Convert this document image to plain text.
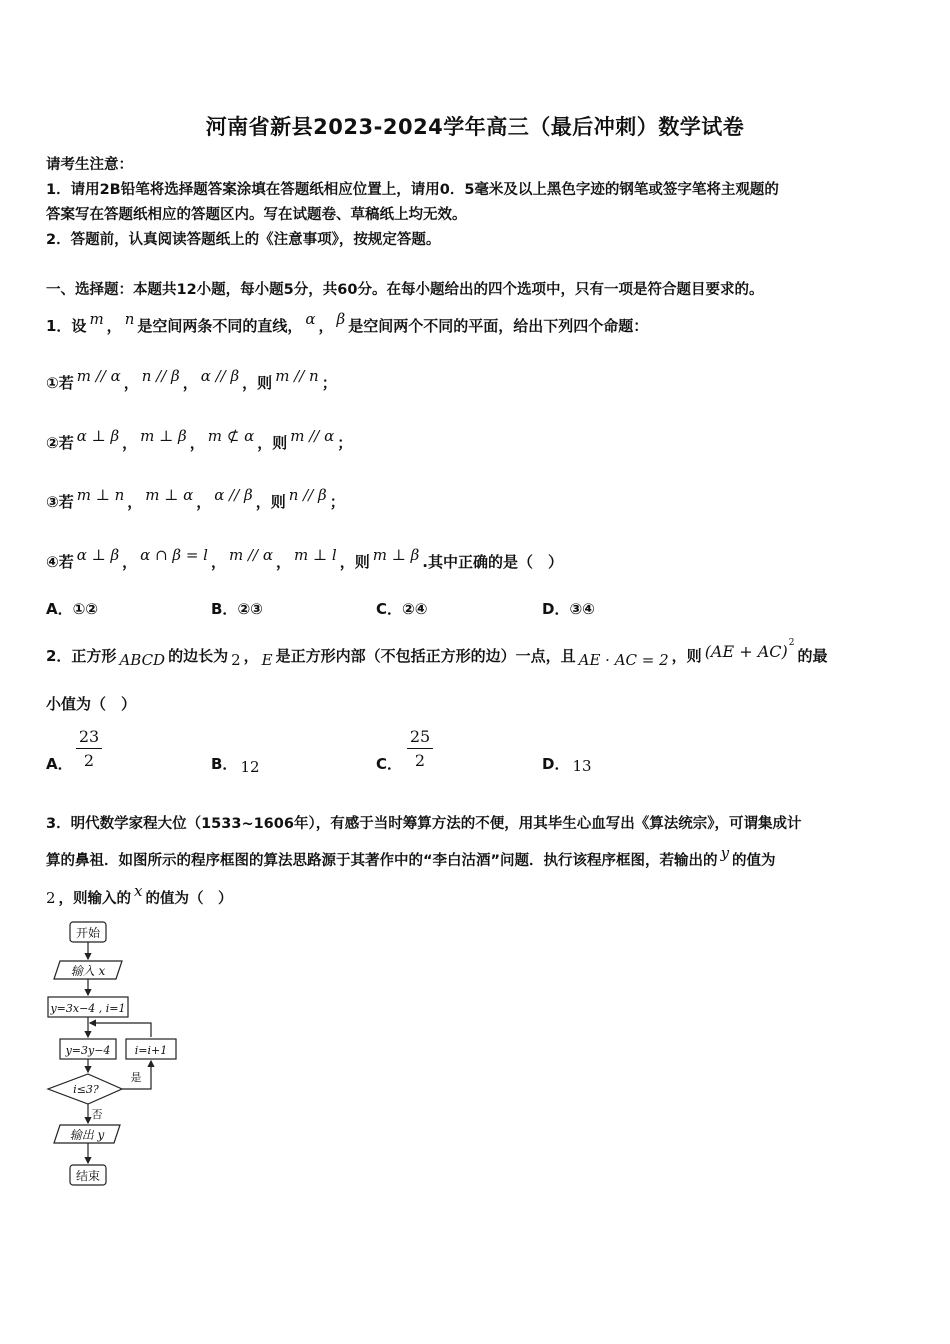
河南省新县2023-2024学年高三（最后冲刺）数学试卷
请考生注意：
1．请用2B铅笔将选择题答案涂填在答题纸相应位置上，请用0．5毫米及以上黑色字迹的钢笔或签字笔将主观题的
答案写在答题纸相应的答题区内。写在试题卷、草稿纸上均无效。
2．答题前，认真阅读答题纸上的《注意事项》，按规定答题。
一、选择题：本题共12小题，每小题5分，共60分。在每小题给出的四个选项中，只有一项是符合题目要求的。
1．设 m ， n 是空间两条不同的直线， α ， β 是空间两个不同的平面，给出下列四个命题：
①若 m // α ， n // β ， α // β ，则 m // n ；
②若 α ⊥ β ， m ⊥ β ， m ⊄ α ，则 m // α ；
③若 m ⊥ n ， m ⊥ α ， α // β ，则 n // β ；
④若 α ⊥ β ， α ∩ β = l ， m // α ， m ⊥ l ，则 m ⊥ β .其中正确的是（　）
A．①②	B．②③	C．②④	D．③④
2．正方形 ABCD 的边长为 2 ， E 是正方形内部（不包括正方形的边）一点，且 AE · AC = 2 ，则 (AE + AC)$^2$的最
小值为（　）
A．
23
2	B． 12	C．
25
2	D． 13
3．明代数学家程大位（1533~1606年），有感于当时筹算方法的不便，用其毕生心血写出《算法统宗》，可谓集成计
算的鼻祖．如图所示的程序框图的算法思路源于其著作中的“李白沽酒”问题．执行该程序框图，若输出的 y 的值为
2 ，则输入的 x 的值为（　）
开始
输入 x
y=3x−4 , i=1
y=3y−4 i=i+1
i≤3?
是
否
输出 y
结束
